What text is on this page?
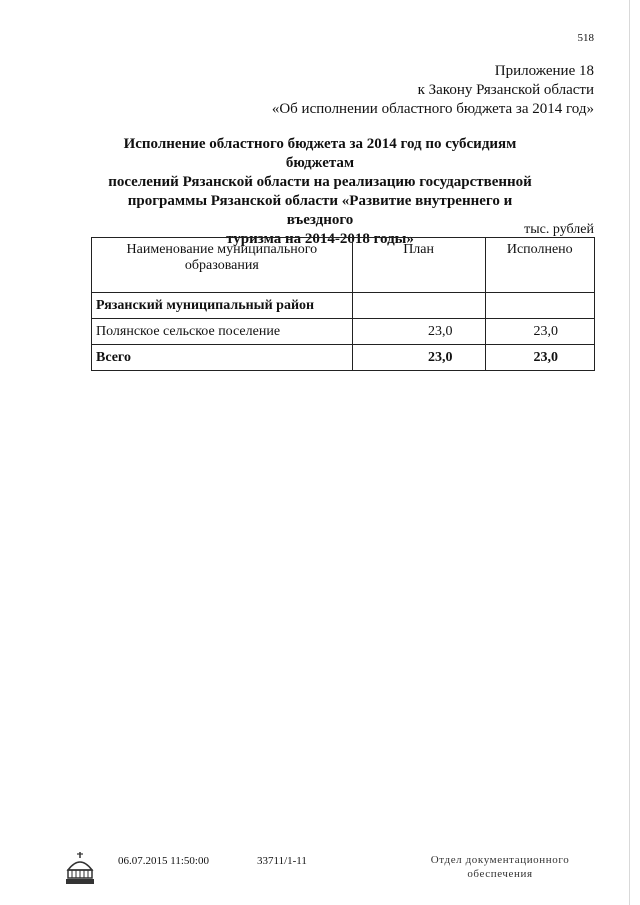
518
Приложение 18
к Закону Рязанской области
«Об исполнении областного бюджета за 2014 год»
Исполнение областного бюджета за 2014 год по субсидиям бюджетам
поселений Рязанской области на реализацию государственной
программы Рязанской области «Развитие внутреннего и въездного
туризма на 2014-2018 годы»
тыс. рублей
Наименование муниципального образования	План	Исполнено
Рязанский муниципальный район		
Полянское сельское поселение	23,0	23,0
Всего	23,0	23,0
06.07.2015 11:50:00	33711/1-11	Отдел документационного
обеспечения
